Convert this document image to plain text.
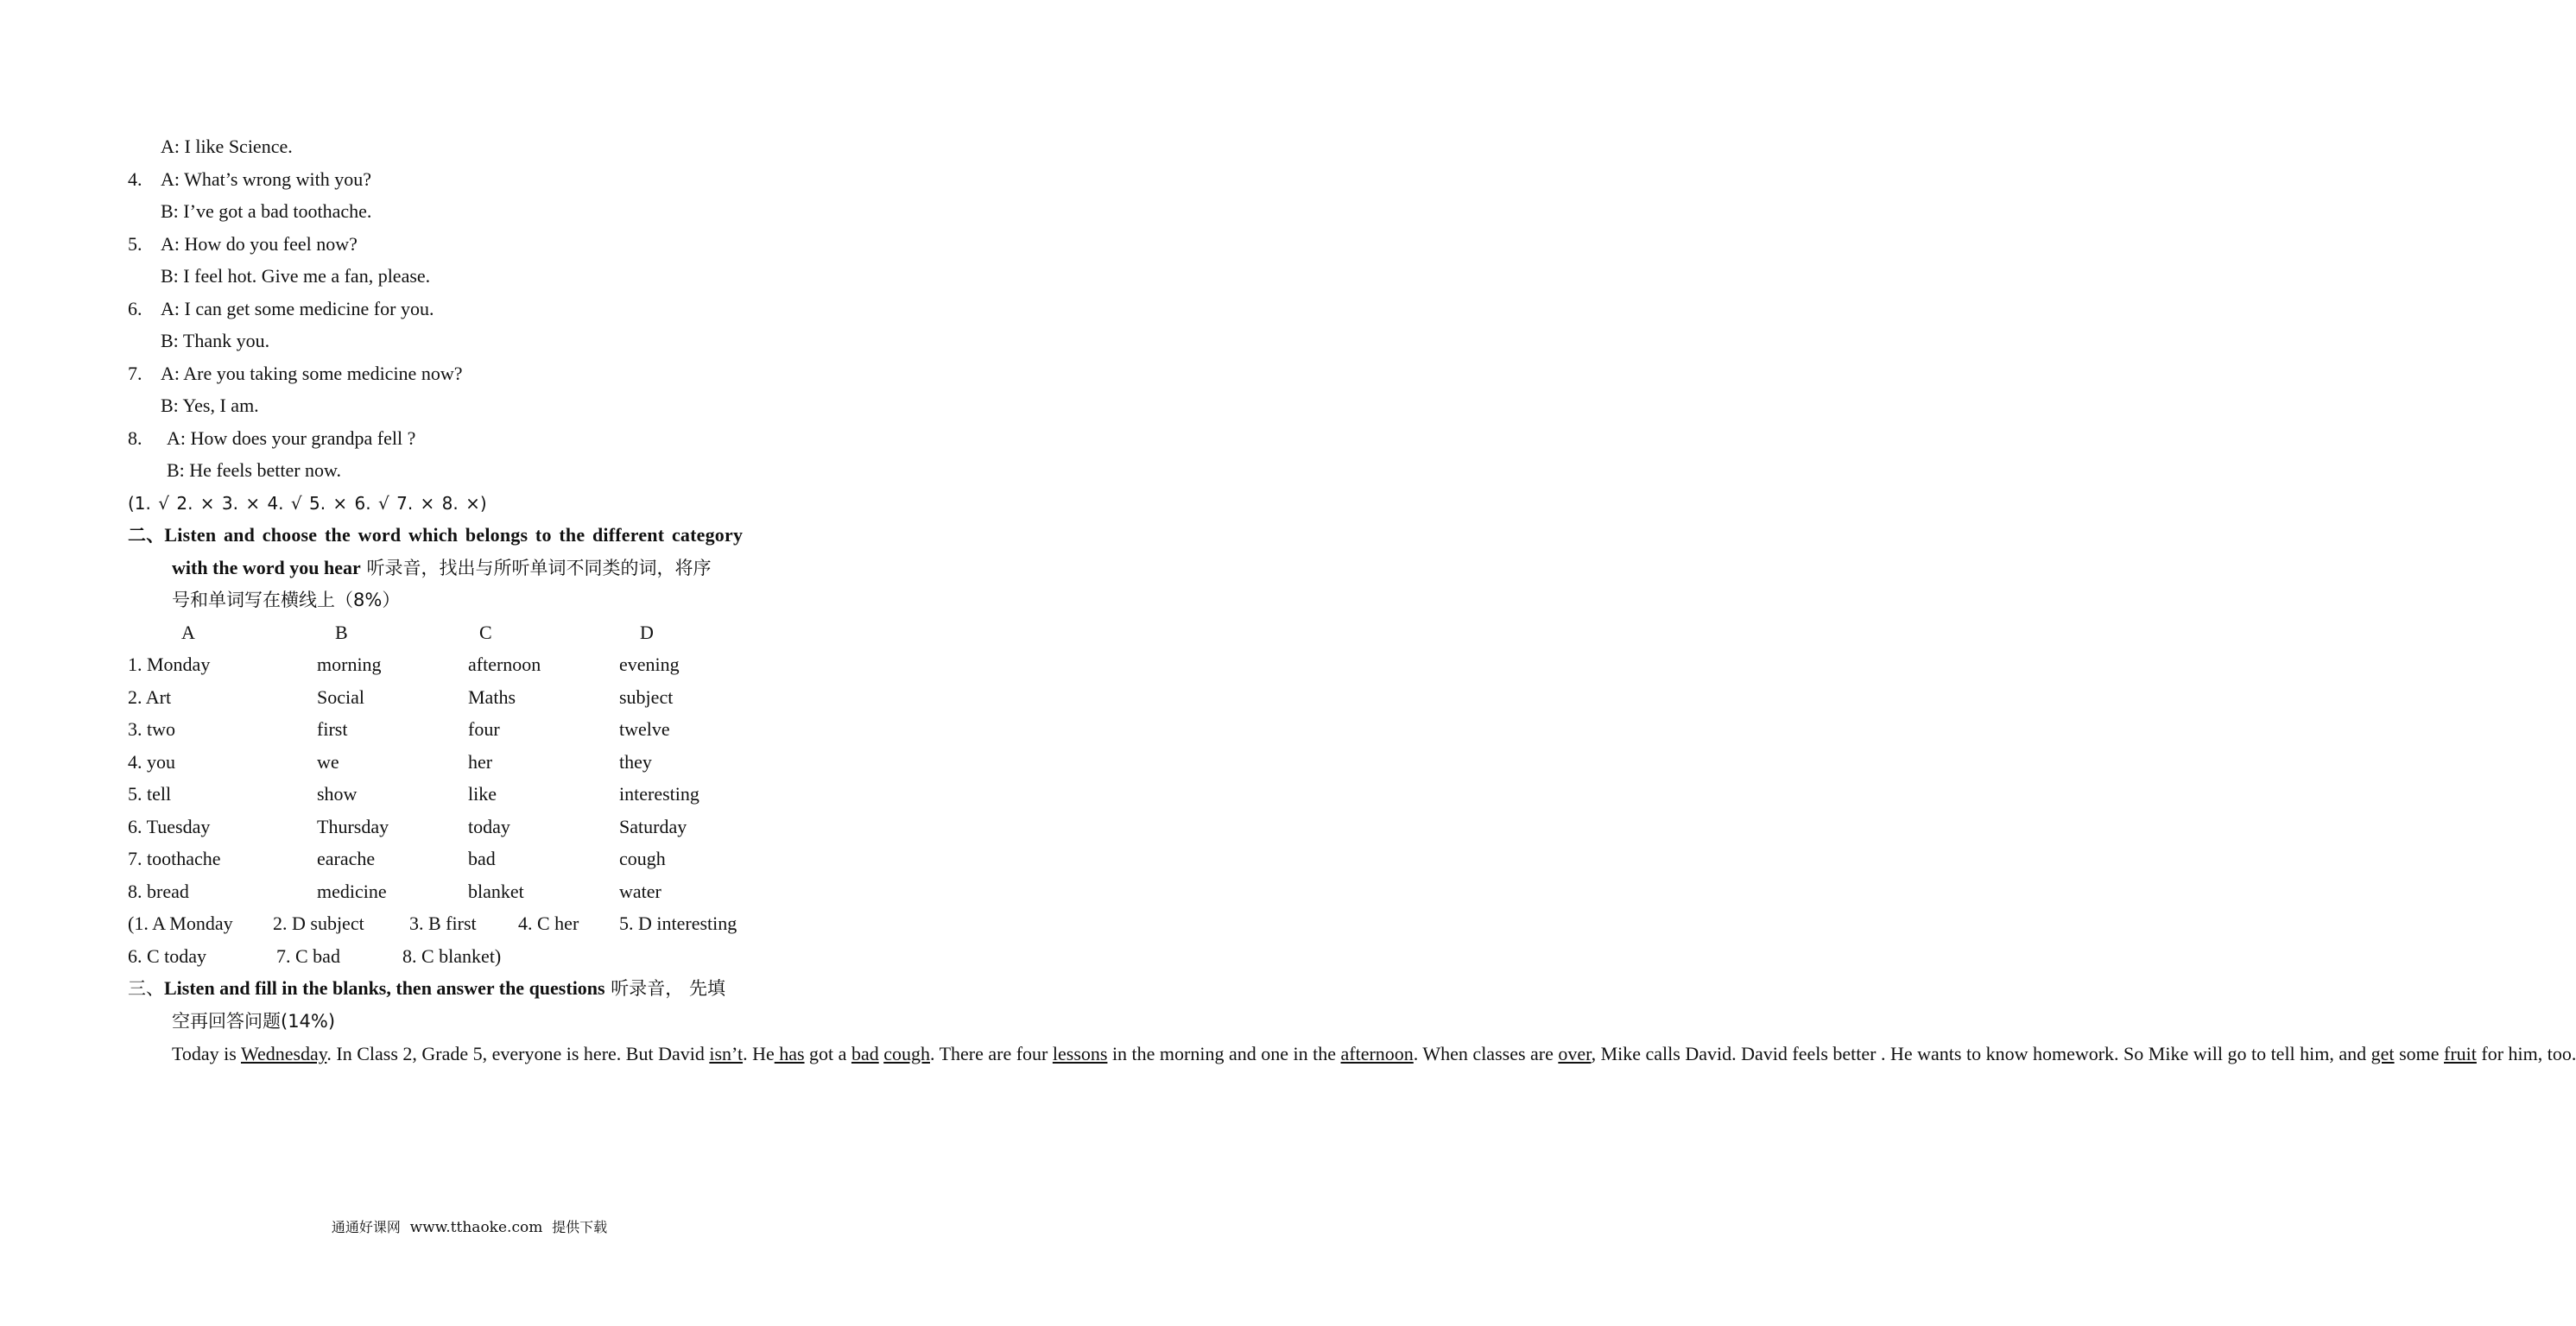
A: I like Science.
4. A: What’s wrong with you?
B: I’ve got a bad toothache.
5. A: How do you feel now?
B: I feel hot. Give me a fan, please.
6. A: I can get some medicine for you.
B: Thank you.
7. A: Are you taking some medicine now?
B: Yes, I am.
8. A: How does your grandpa fell ?
B: He feels better now.
(1. √ 2. × 3. × 4. √ 5. × 6. √ 7. × 8. ×)
二、Listen and choose the word which belongs to the different category
with the word you hear 听录音，找出与所听单词不同类的词，将序
号和单词写在横线上（8%）
A	B	C	D
1. Monday	morning	afternoon	evening
2. Art	Social	Maths	subject
3. two	first	four	twelve
4. you	we	her	they
5. tell	show	like	interesting
6. Tuesday	Thursday	today	Saturday
7. toothache	earache	bad	cough
8. bread	medicine	blanket	water
(1. A Monday 2. D subject 3. B first 4. C her 5. D interesting
6. C today	7. C bad	8. C blanket)
三、Listen and fill in the blanks, then answer the questions 听录音， 先填
空再回答问题(14%)
Today is Wednesday. In Class 2, Grade 5, everyone is here. But David isn’t. He has got a bad cough. There are four lessons in the morning and one in the afternoon. When classes are over, Mike calls David. David feels better . He wants to know homework. So Mike will go to tell him, and get some fruit for him, too.
通通好课网 www.tthaoke.com 提供下载
